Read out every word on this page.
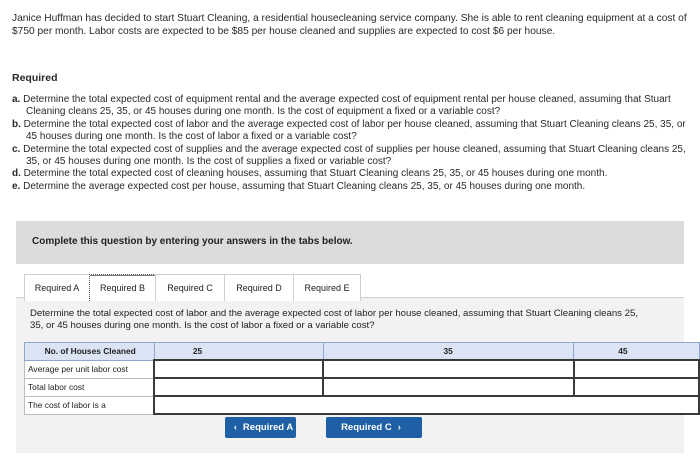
Janice Huffman has decided to start Stuart Cleaning, a residential housecleaning service company. She is able to rent cleaning equipment at a cost of $750 per month. Labor costs are expected to be $85 per house cleaned and supplies are expected to cost $6 per house.
Required
a. Determine the total expected cost of equipment rental and the average expected cost of equipment rental per house cleaned, assuming that Stuart Cleaning cleans 25, 35, or 45 houses during one month. Is the cost of equipment a fixed or a variable cost?
b. Determine the total expected cost of labor and the average expected cost of labor per house cleaned, assuming that Stuart Cleaning cleans 25, 35, or 45 houses during one month. Is the cost of labor a fixed or a variable cost?
c. Determine the total expected cost of supplies and the average expected cost of supplies per house cleaned, assuming that Stuart Cleaning cleans 25, 35, or 45 houses during one month. Is the cost of supplies a fixed or variable cost?
d. Determine the total expected cost of cleaning houses, assuming that Stuart Cleaning cleans 25, 35, or 45 houses during one month.
e. Determine the average expected cost per house, assuming that Stuart Cleaning cleans 25, 35, or 45 houses during one month.
Complete this question by entering your answers in the tabs below.
Determine the total expected cost of labor and the average expected cost of labor per house cleaned, assuming that Stuart Cleaning cleans 25, 35, or 45 houses during one month. Is the cost of labor a fixed or a variable cost?
Required A	Required B	Required C	Required D	Required E
No. of Houses Cleaned	25	35	45
Average per unit labor cost			
Total labor cost			
The cost of labor is a	
‹ Required A	Required C ›
